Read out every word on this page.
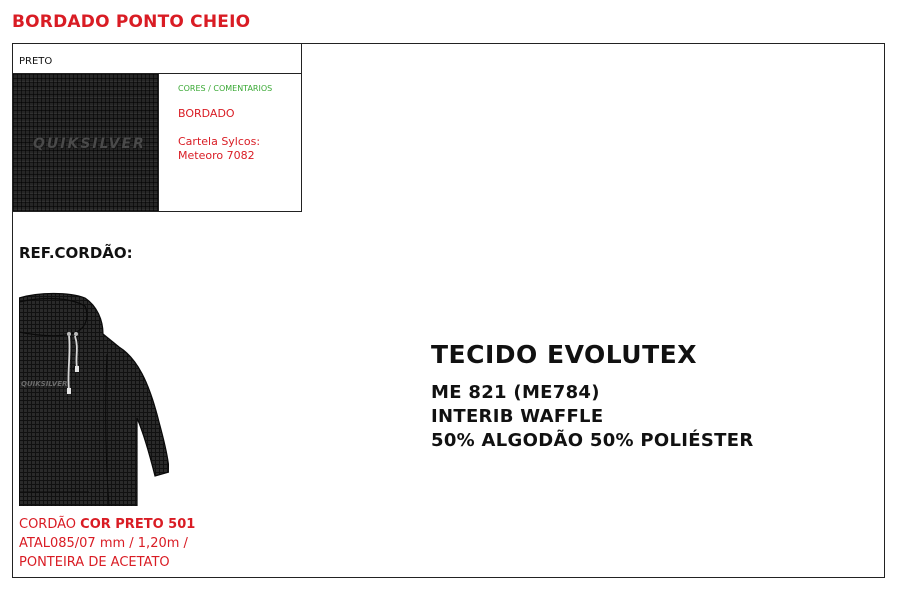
BORDADO PONTO CHEIO
PRETO
QUIKSILVER
CORES / COMENTARIOS
BORDADO
Cartela Sylcos:
Meteoro 7082
REF.CORDÃO:
QUIKSILVER
CORDÃO COR PRETO 501
ATAL085/07 mm / 1,20m /
PONTEIRA DE ACETATO
TECIDO EVOLUTEX
ME 821 (ME784)
INTERIB WAFFLE
50% ALGODÃO 50% POLIÉSTER
